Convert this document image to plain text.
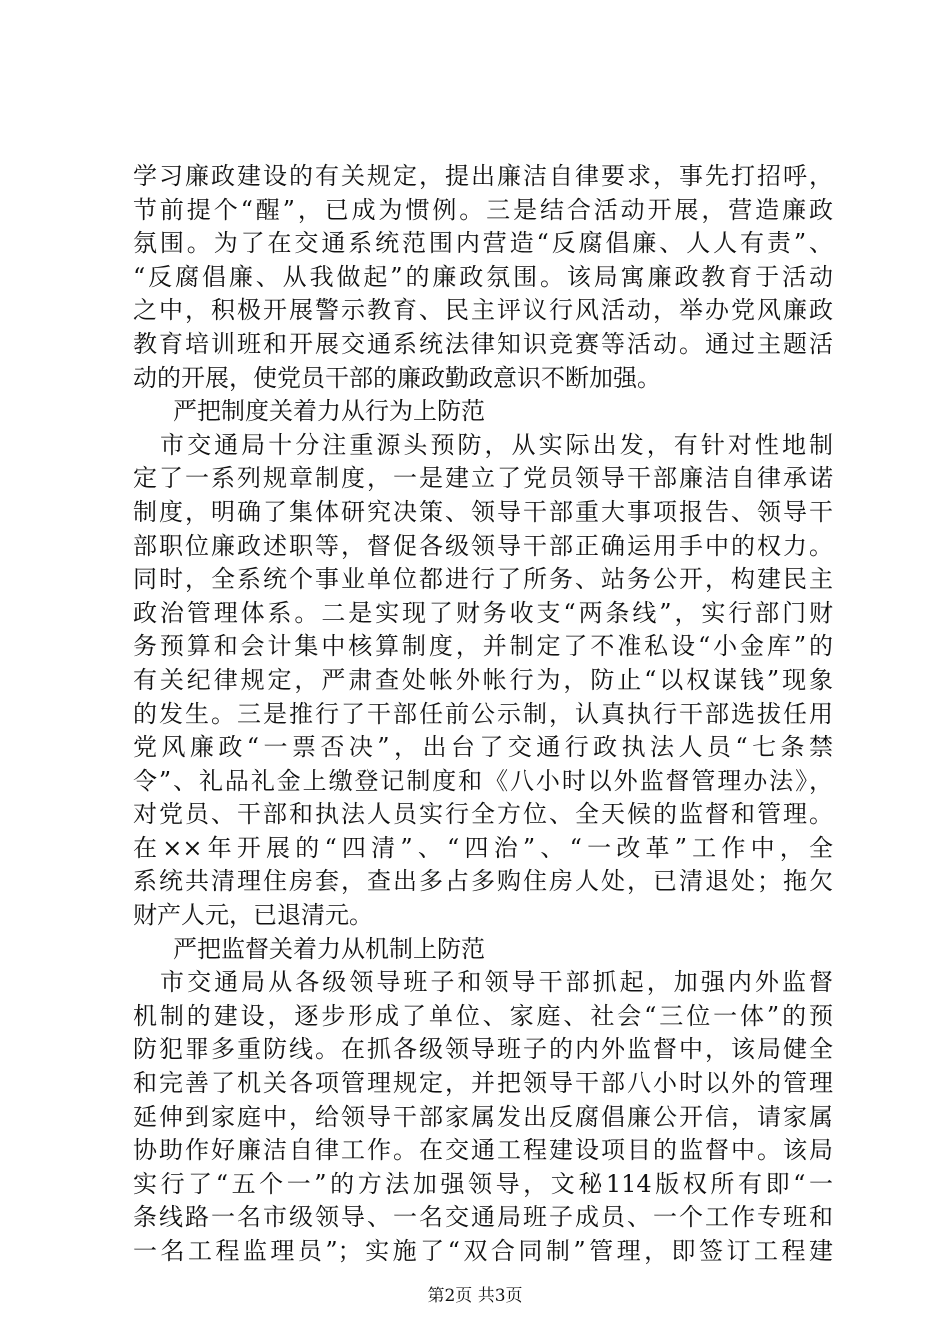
学习廉政建设的有关规定，提出廉洁自律要求，事先打招呼，
节前提个“醒”，已成为惯例。三是结合活动开展，营造廉政
氛围。为了在交通系统范围内营造“反腐倡廉、人人有责”、
“反腐倡廉、从我做起”的廉政氛围。该局寓廉政教育于活动
之中，积极开展警示教育、民主评议行风活动，举办党风廉政
教育培训班和开展交通系统法律知识竞赛等活动。通过主题活
动的开展，使党员干部的廉政勤政意识不断加强。
严把制度关着力从行为上防范
　市交通局十分注重源头预防，从实际出发，有针对性地制
定了一系列规章制度，一是建立了党员领导干部廉洁自律承诺
制度，明确了集体研究决策、领导干部重大事项报告、领导干
部职位廉政述职等，督促各级领导干部正确运用手中的权力。
同时，全系统个事业单位都进行了所务、站务公开，构建民主
政治管理体系。二是实现了财务收支“两条线”，实行部门财
务预算和会计集中核算制度，并制定了不准私设“小金库”的
有关纪律规定，严肃查处帐外帐行为，防止“以权谋钱”现象
的发生。三是推行了干部任前公示制，认真执行干部选拔任用
党风廉政“一票否决”，出台了交通行政执法人员“七条禁
令”、礼品礼金上缴登记制度和《八小时以外监督管理办法》，
对党员、干部和执法人员实行全方位、全天候的监督和管理。
在××年开展的“四清”、“四治”、“一改革”工作中，全
系统共清理住房套，查出多占多购住房人处，已清退处；拖欠
财产人元，已退清元。
严把监督关着力从机制上防范
　市交通局从各级领导班子和领导干部抓起，加强内外监督
机制的建设，逐步形成了单位、家庭、社会“三位一体”的预
防犯罪多重防线。在抓各级领导班子的内外监督中，该局健全
和完善了机关各项管理规定，并把领导干部八小时以外的管理
延伸到家庭中，给领导干部家属发出反腐倡廉公开信，请家属
协助作好廉洁自律工作。在交通工程建设项目的监督中。该局
实行了“五个一”的方法加强领导，文秘114版权所有即“一
条线路一名市级领导、一名交通局班子成员、一个工作专班和
一名工程监理员”；实施了“双合同制”管理，即签订工程建
第2页 共3页
